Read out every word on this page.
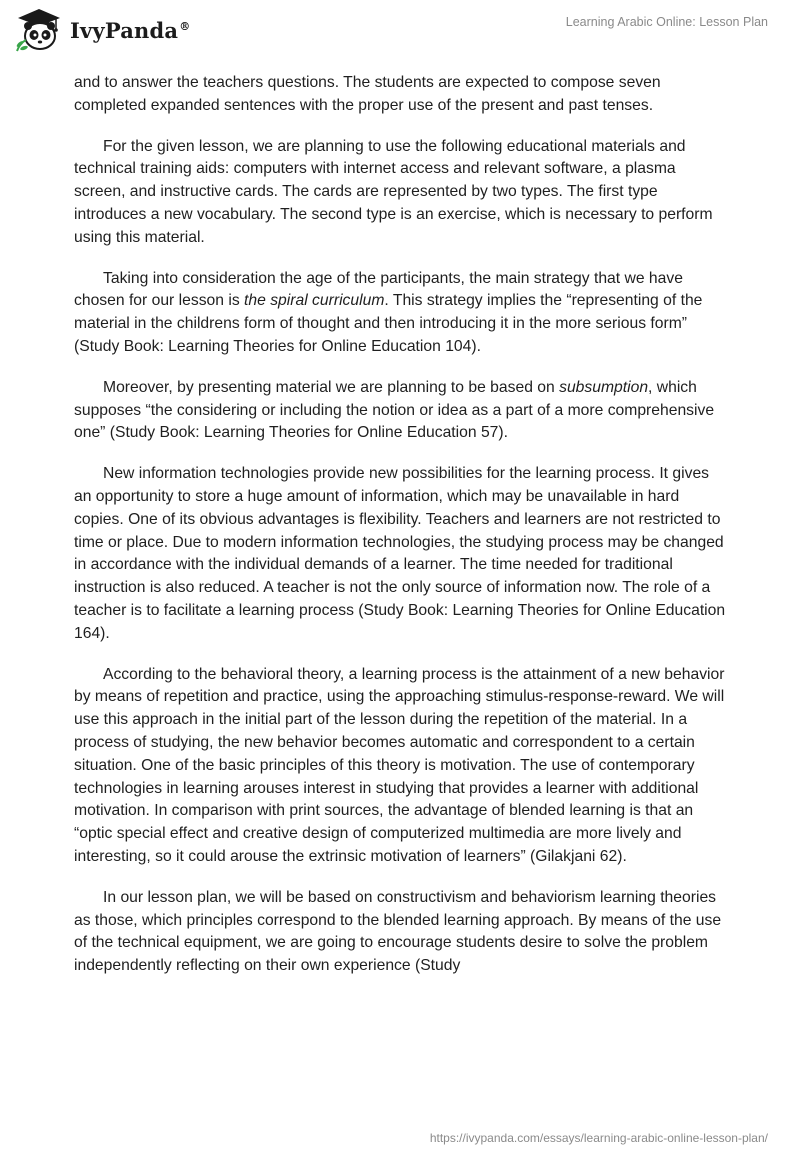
IvyPanda®	Learning Arabic Online: Lesson Plan

and to answer the teachers questions. The students are expected to compose seven completed expanded sentences with the proper use of the present and past tenses.

For the given lesson, we are planning to use the following educational materials and technical training aids: computers with internet access and relevant software, a plasma screen, and instructive cards. The cards are represented by two types. The first type introduces a new vocabulary. The second type is an exercise, which is necessary to perform using this material.

Taking into consideration the age of the participants, the main strategy that we have chosen for our lesson is the spiral curriculum. This strategy implies the “representing of the material in the childrens form of thought and then introducing it in the more serious form” (Study Book: Learning Theories for Online Education 104).

Moreover, by presenting material we are planning to be based on subsumption, which supposes “the considering or including the notion or idea as a part of a more comprehensive one” (Study Book: Learning Theories for Online Education 57).

New information technologies provide new possibilities for the learning process. It gives an opportunity to store a huge amount of information, which may be unavailable in hard copies. One of its obvious advantages is flexibility. Teachers and learners are not restricted to time or place. Due to modern information technologies, the studying process may be changed in accordance with the individual demands of a learner. The time needed for traditional instruction is also reduced. A teacher is not the only source of information now. The role of a teacher is to facilitate a learning process (Study Book: Learning Theories for Online Education 164).

According to the behavioral theory, a learning process is the attainment of a new behavior by means of repetition and practice, using the approaching stimulus-response-reward. We will use this approach in the initial part of the lesson during the repetition of the material. In a process of studying, the new behavior becomes automatic and correspondent to a certain situation. One of the basic principles of this theory is motivation. The use of contemporary technologies in learning arouses interest in studying that provides a learner with additional motivation. In comparison with print sources, the advantage of blended learning is that an “optic special effect and creative design of computerized multimedia are more lively and interesting, so it could arouse the extrinsic motivation of learners” (Gilakjani 62).

In our lesson plan, we will be based on constructivism and behaviorism learning theories as those, which principles correspond to the blended learning approach. By means of the use of the technical equipment, we are going to encourage students desire to solve the problem independently reflecting on their own experience (Study

https://ivypanda.com/essays/learning-arabic-online-lesson-plan/
